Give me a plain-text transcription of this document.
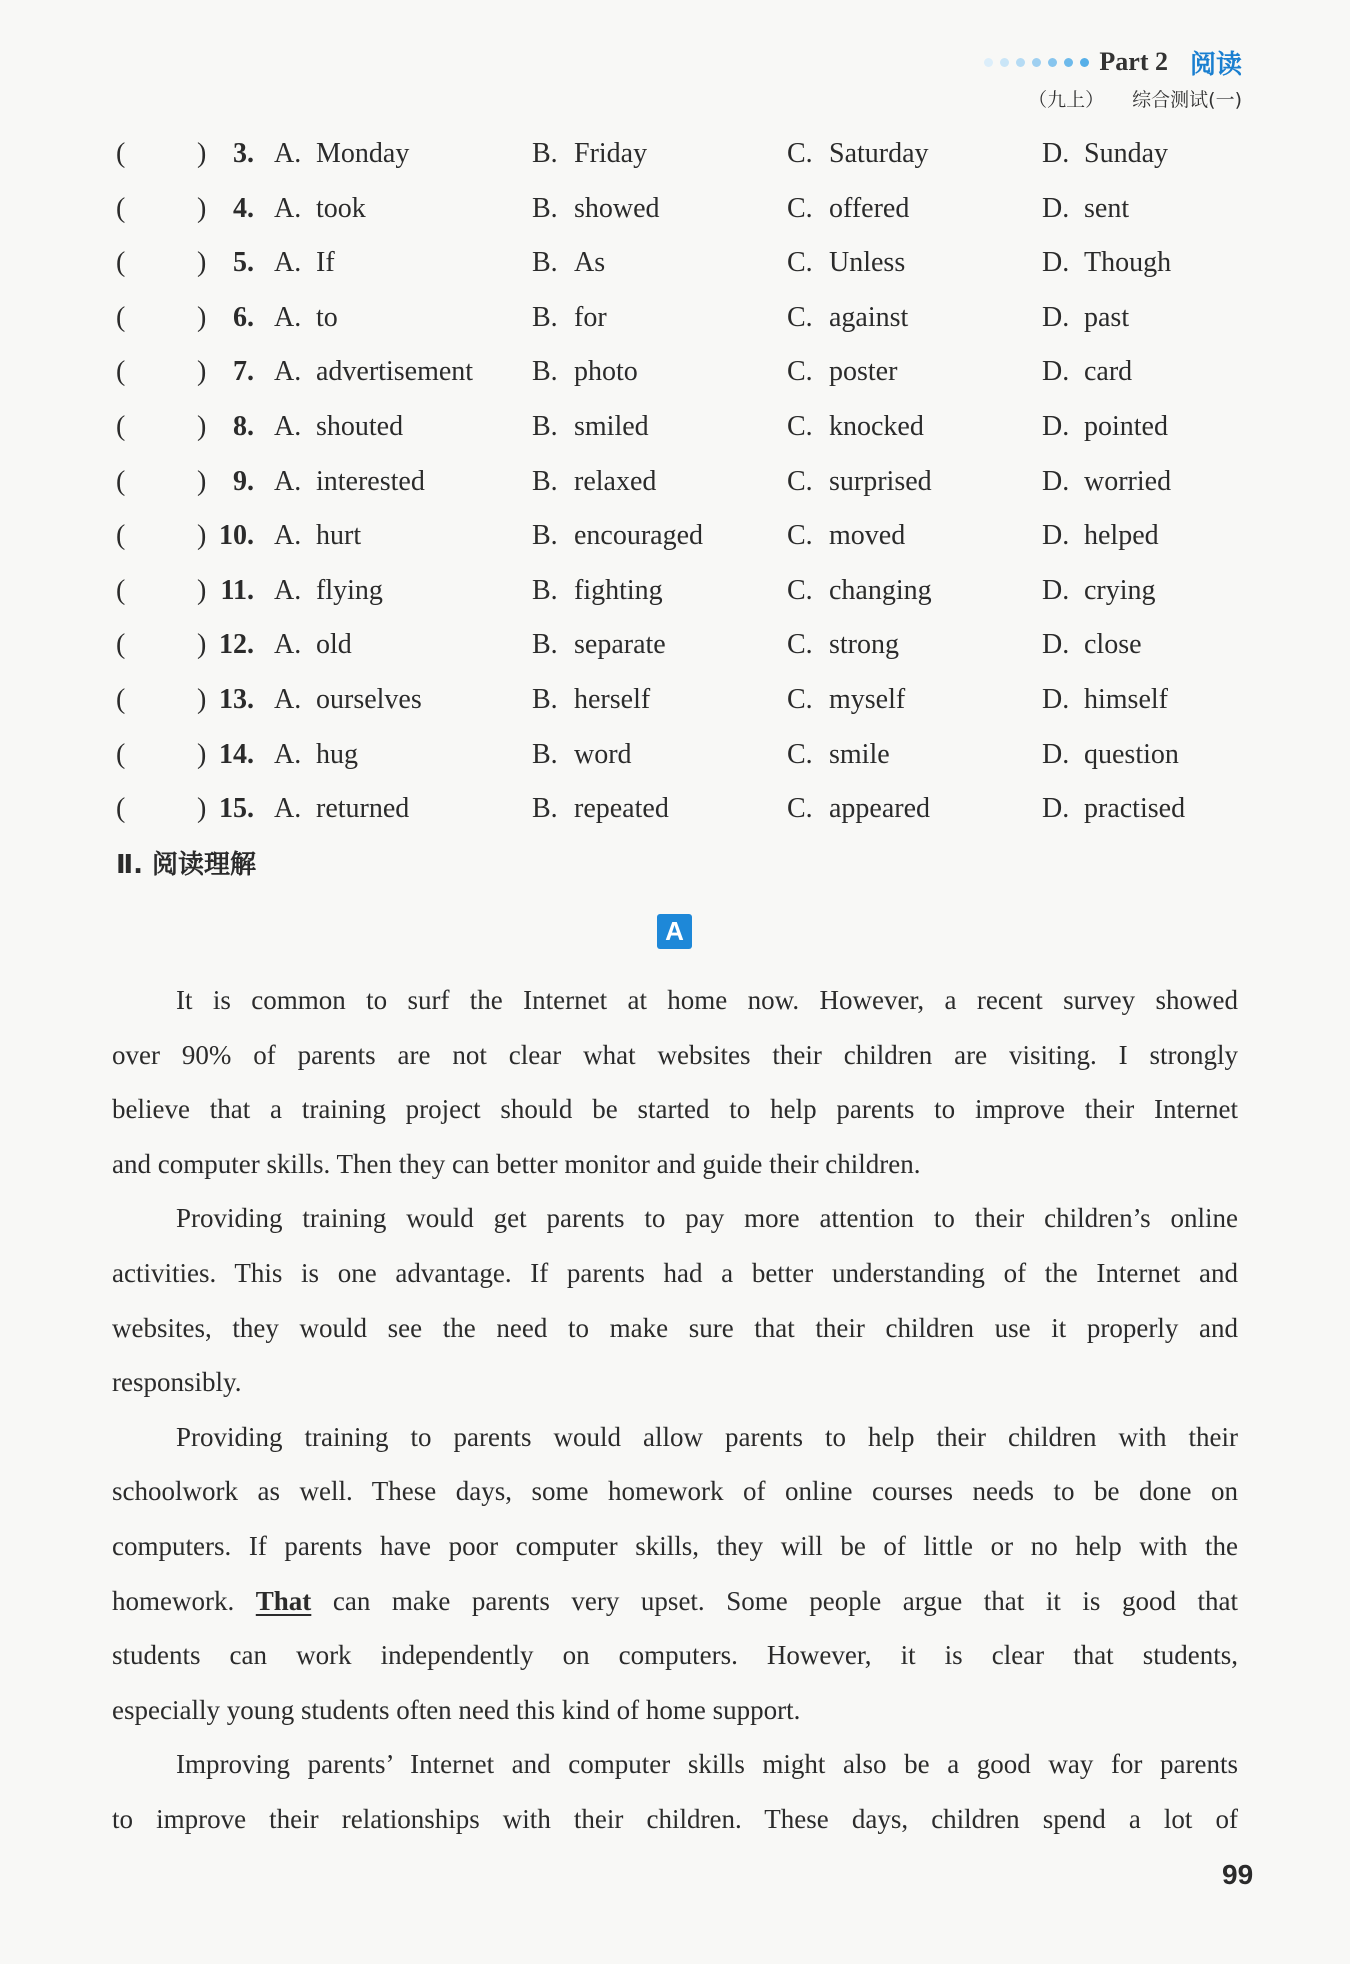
Part 2 阅读
（九上） 综合测试(一)
(	) 3. A. Monday	B. Friday	C. Saturday	D. Sunday
(	) 4. A. took	B. showed	C. offered	D. sent
(	) 5. A. If	B. As	C. Unless	D. Though
(	) 6. A. to	B. for	C. against	D. past
(	) 7. A. advertisement B. photo	C. poster	D. card
(	) 8. A. shouted	B. smiled	C. knocked	D. pointed
(	) 9. A. interested	B. relaxed	C. surprised	D. worried
(	) 10. A. hurt	B. encouraged	C. moved	D. helped
(	) 11. A. flying	B. fighting	C. changing	D. crying
(	) 12. A. old	B. separate	C. strong	D. close
(	) 13. A. ourselves	B. herself	C. myself	D. himself
(	) 14. A. hug	B. word	C. smile	D. question
(	) 15. A. returned	B. repeated	C. appeared	D. practised
Ⅱ. 阅读理解
A
It is common to surf the Internet at home now. However, a recent survey showed
over 90% of parents are not clear what websites their children are visiting. I strongly
believe that a training project should be started to help parents to improve their Internet
and computer skills. Then they can better monitor and guide their children.
Providing training would get parents to pay more attention to their children’s online
activities. This is one advantage. If parents had a better understanding of the Internet and
websites, they would see the need to make sure that their children use it properly and
responsibly.
Providing training to parents would allow parents to help their children with their
schoolwork as well. These days, some homework of online courses needs to be done on
computers. If parents have poor computer skills, they will be of little or no help with the
homework. That can make parents very upset. Some people argue that it is good that
students can work independently on computers. However, it is clear that students,
especially young students often need this kind of home support.
Improving parents’ Internet and computer skills might also be a good way for parents
to improve their relationships with their children. These days, children spend a lot of
99
